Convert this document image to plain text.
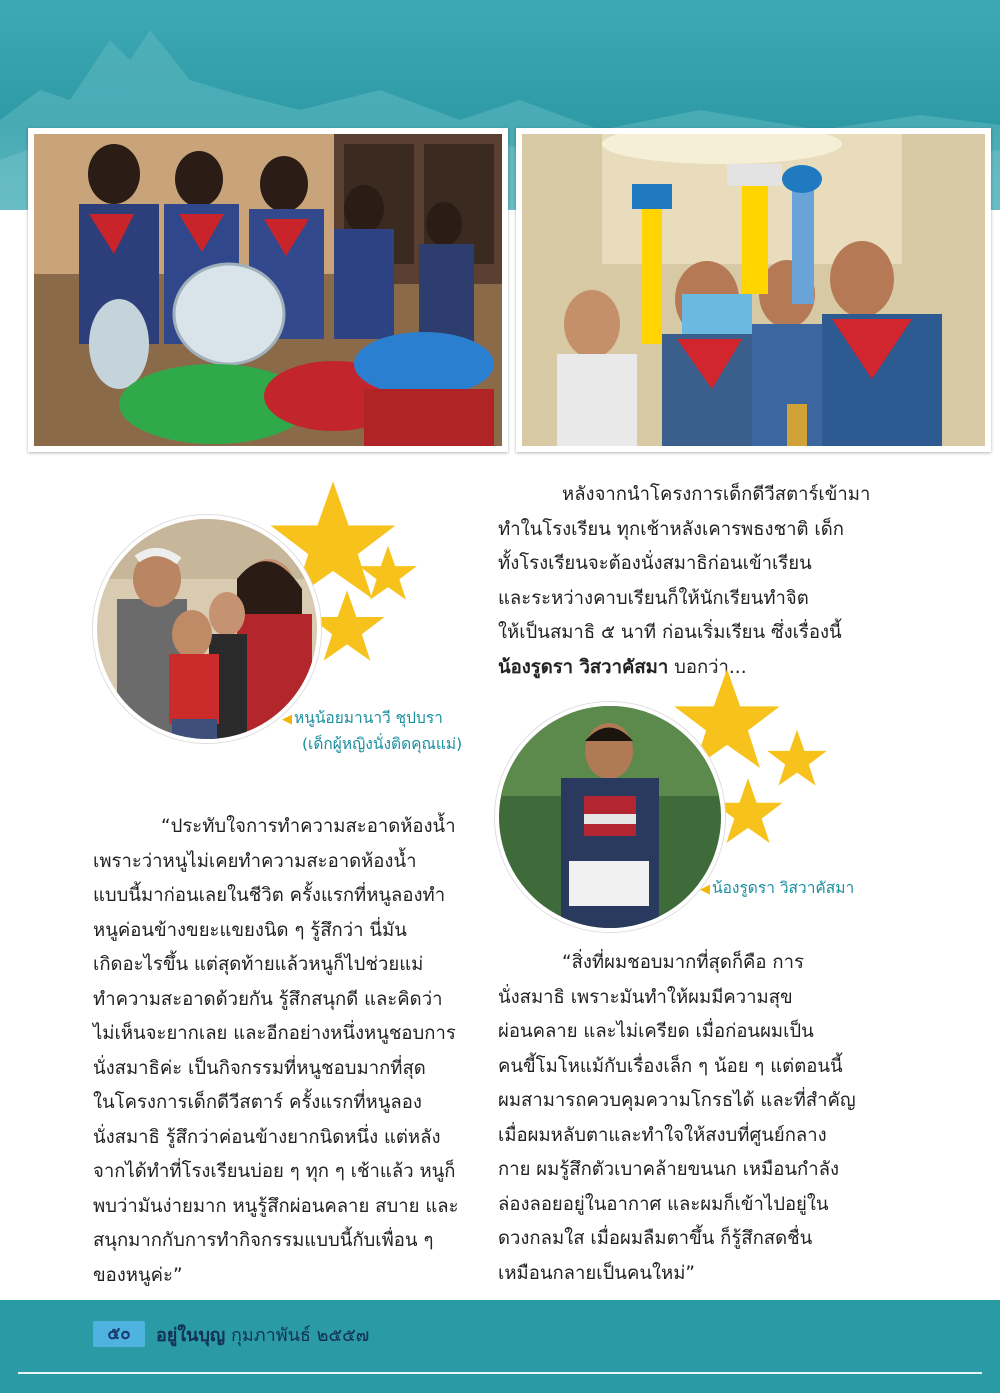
◀ หนูน้อยมานาวี ชุปบรา
(เด็กผู้หญิงนั่งติดคุณแม่)

หลังจากนำโครงการเด็กดีวีสตาร์เข้ามา

ทำในโรงเรียน ทุกเช้าหลังเคารพธงชาติ เด็ก

ทั้งโรงเรียนจะต้องนั่งสมาธิก่อนเข้าเรียน

และระหว่างคาบเรียนก็ให้นักเรียนทำจิต

ให้เป็นสมาธิ ๕ นาที ก่อนเริ่มเรียน ซึ่งเรื่องนี้

น้องรูดรา วิสวาคัสมา บอกว่า...

◀ น้องรูดรา วิสวาคัสมา

“ประทับใจการทำความสะอาดห้องน้ำ

เพราะว่าหนูไม่เคยทำความสะอาดห้องน้ำ

แบบนี้มาก่อนเลยในชีวิต ครั้งแรกที่หนูลองทำ

หนูค่อนข้างขยะแขยงนิด ๆ รู้สึกว่า นี่มัน

เกิดอะไรขึ้น แต่สุดท้ายแล้วหนูก็ไปช่วยแม่

ทำความสะอาดด้วยกัน รู้สึกสนุกดี และคิดว่า

ไม่เห็นจะยากเลย และอีกอย่างหนึ่งหนูชอบการ

นั่งสมาธิค่ะ เป็นกิจกรรมที่หนูชอบมากที่สุด

ในโครงการเด็กดีวีสตาร์ ครั้งแรกที่หนูลอง

นั่งสมาธิ รู้สึกว่าค่อนข้างยากนิดหนึ่ง แต่หลัง

จากได้ทำที่โรงเรียนบ่อย ๆ ทุก ๆ เช้าแล้ว หนูก็

พบว่ามันง่ายมาก หนูรู้สึกผ่อนคลาย สบาย และ

สนุกมากกับการทำกิจกรรมแบบนี้กับเพื่อน ๆ

ของหนูค่ะ”

“สิ่งที่ผมชอบมากที่สุดก็คือ การ

นั่งสมาธิ เพราะมันทำให้ผมมีความสุข

ผ่อนคลาย และไม่เครียด เมื่อก่อนผมเป็น

คนขี้โมโหแม้กับเรื่องเล็ก ๆ น้อย ๆ แต่ตอนนี้

ผมสามารถควบคุมความโกรธได้ และที่สำคัญ

เมื่อผมหลับตาและทำใจให้สงบที่ศูนย์กลาง

กาย ผมรู้สึกตัวเบาคล้ายขนนก เหมือนกำลัง

ล่องลอยอยู่ในอากาศ และผมก็เข้าไปอยู่ใน

ดวงกลมใส เมื่อผมลืมตาขึ้น ก็รู้สึกสดชื่น

เหมือนกลายเป็นคนใหม่”

๕๐	อยู่ในบุญ กุมภาพันธ์ ๒๕๕๗
